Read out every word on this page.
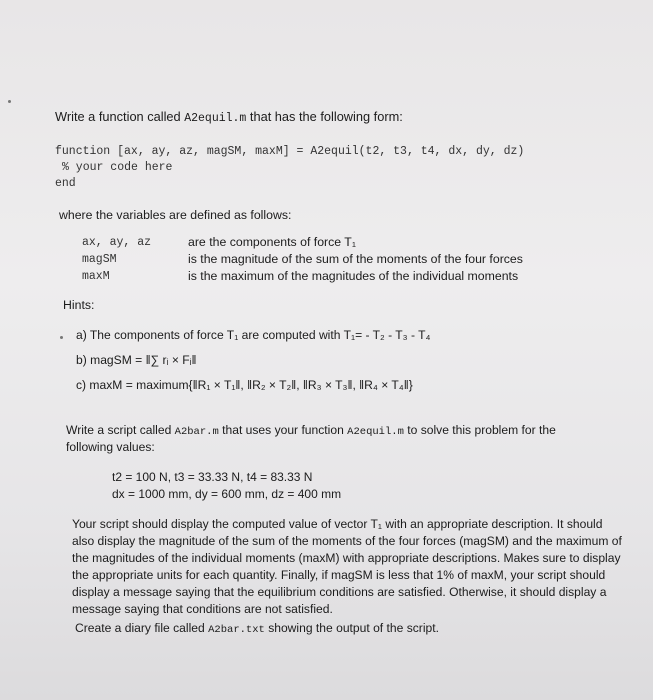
Write a function called A2equil.m that has the following form:
function [ax, ay, az, magSM, maxM] = A2equil(t2, t3, t4, dx, dy, dz)
% your code here
end
where the variables are defined as follows:
ax, ay, az	are the components of force T₁
magSM	is the magnitude of the sum of the moments of the four forces
maxM	is the maximum of the magnitudes of the individual moments
Hints:
a) The components of force T₁ are computed with T₁= - T₂ - T₃ - T₄
b) magSM = ‖∑ rᵢ × Fᵢ‖
c) maxM = maximum{‖R₁ × T₁‖, ‖R₂ × T₂‖, ‖R₃ × T₃‖, ‖R₄ × T₄‖}
Write a script called A2bar.m that uses your function A2equil.m to solve this problem for the
following values:
t2 = 100 N, t3 = 33.33 N, t4 = 83.33 N
dx = 1000 mm, dy = 600 mm, dz = 400 mm
Your script should display the computed value of vector T₁ with an appropriate description. It should
also display the magnitude of the sum of the moments of the four forces (magSM) and the maximum of
the magnitudes of the individual moments (maxM) with appropriate descriptions. Makes sure to display
the appropriate units for each quantity. Finally, if magSM is less that 1% of maxM, your script should
display a message saying that the equilibrium conditions are satisfied. Otherwise, it should display a
message saying that conditions are not satisfied.
Create a diary file called A2bar.txt showing the output of the script.
